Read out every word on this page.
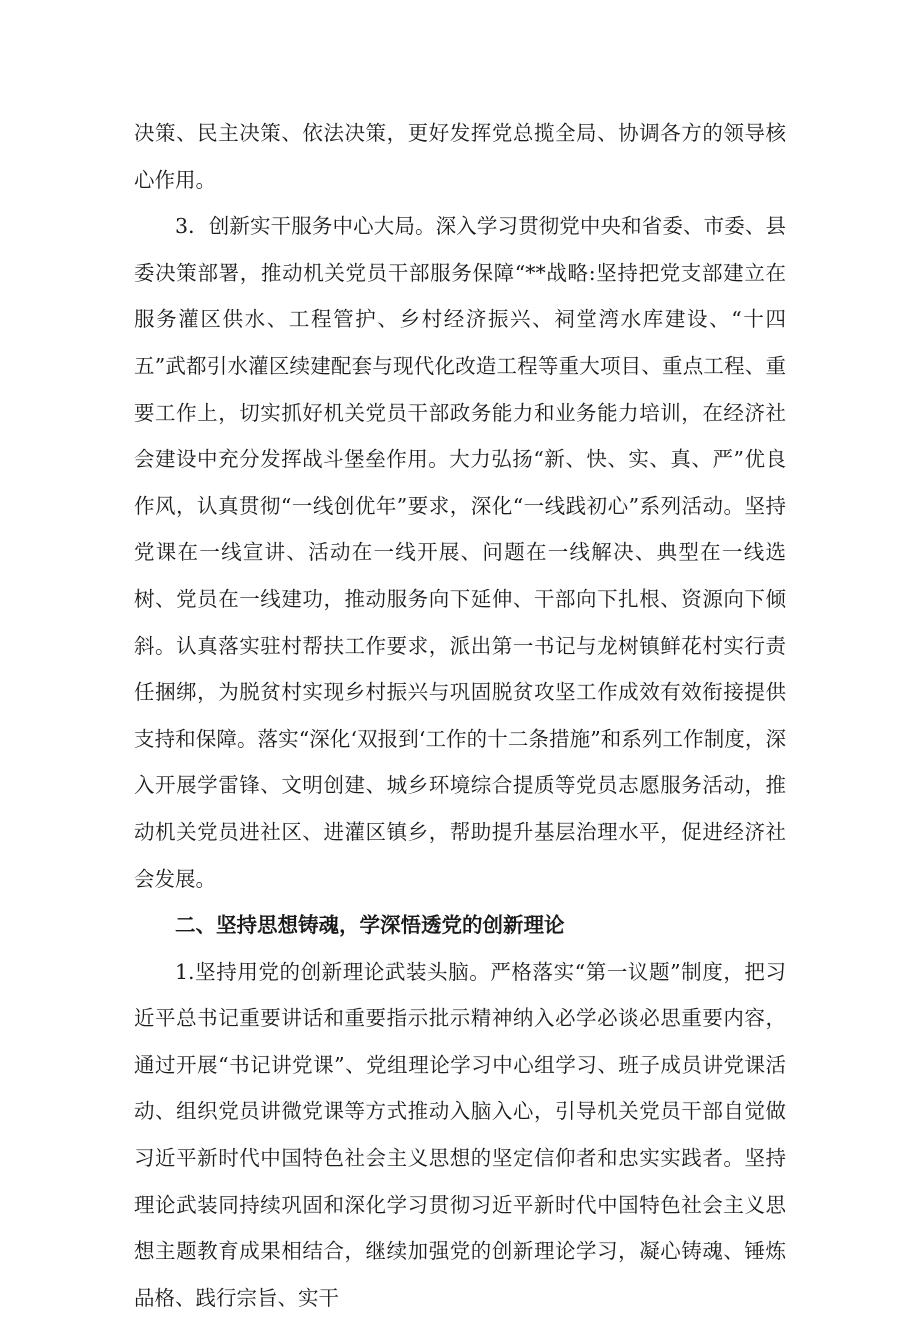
决策、民主决策、依法决策，更好发挥党总揽全局、协调各方的领导核心作用。

3．创新实干服务中心大局。深入学习贯彻党中央和省委、市委、县委决策部署，推动机关党员干部服务保障“**战略:坚持把党支部建立在服务灌区供水、工程管护、乡村经济振兴、祠堂湾水库建设、“十四五”武都引水灌区续建配套与现代化改造工程等重大项目、重点工程、重要工作上，切实抓好机关党员干部政务能力和业务能力培训，在经济社会建设中充分发挥战斗堡垒作用。大力弘扬“新、快、实、真、严”优良作风，认真贯彻“一线创优年”要求，深化“一线践初心”系列活动。坚持党课在一线宣讲、活动在一线开展、问题在一线解决、典型在一线选树、党员在一线建功，推动服务向下延伸、干部向下扎根、资源向下倾斜。认真落实驻村帮扶工作要求，派出第一书记与龙树镇鲜花村实行责任捆绑，为脱贫村实现乡村振兴与巩固脱贫攻坚工作成效有效衔接提供支持和保障。落实“深化‘双报到‘工作的十二条措施”和系列工作制度，深入开展学雷锋、文明创建、城乡环境综合提质等党员志愿服务活动，推动机关党员进社区、进灌区镇乡，帮助提升基层治理水平，促进经济社会发展。

二、坚持思想铸魂，学深悟透党的创新理论

1.坚持用党的创新理论武装头脑。严格落实“第一议题”制度，把习近平总书记重要讲话和重要指示批示精神纳入必学必谈必思重要内容，通过开展“书记讲党课”、党组理论学习中心组学习、班子成员讲党课活动、组织党员讲微党课等方式推动入脑入心，引导机关党员干部自觉做习近平新时代中国特色社会主义思想的坚定信仰者和忠实实践者。坚持理论武装同持续巩固和深化学习贯彻习近平新时代中国特色社会主义思想主题教育成果相结合，继续加强党的创新理论学习，凝心铸魂、锤炼品格、践行宗旨、实干
